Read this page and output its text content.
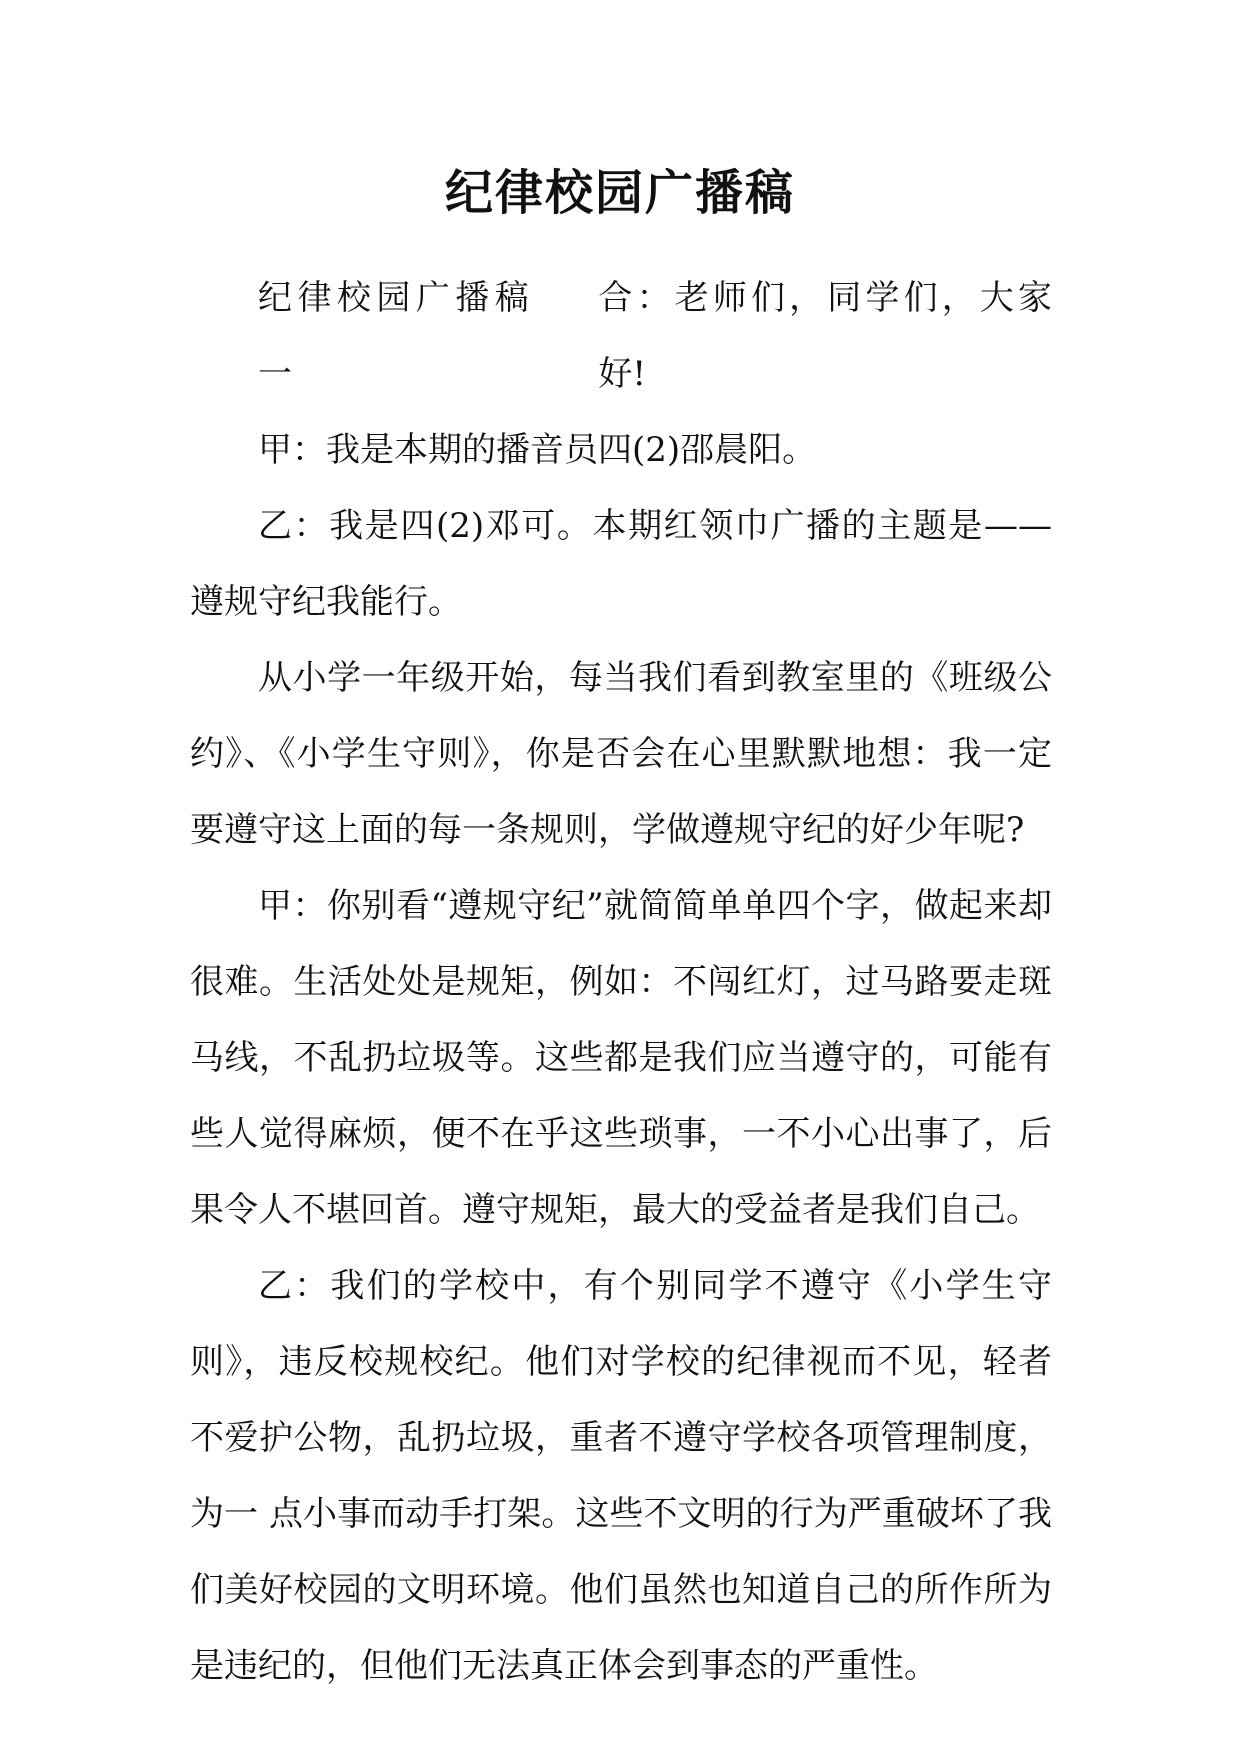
纪律校园广播稿

纪律校园广播稿一
合：老师们，同学们，大家好!

甲：我是本期的播音员四(2)邵晨阳。

乙：我是四(2)邓可。本期红领巾广播的主题是——遵规守纪我能行。

从小学一年级开始，每当我们看到教室里的《班级公约》、《小学生守则》，你是否会在心里默默地想：我一定要遵守这上面的每一条规则，学做遵规守纪的好少年呢?

甲：你别看“遵规守纪”就简简单单四个字，做起来却很难。生活处处是规矩，例如：不闯红灯，过马路要走斑马线，不乱扔垃圾等。这些都是我们应当遵守的，可能有些人觉得麻烦，便不在乎这些琐事，一不小心出事了，后果令人不堪回首。遵守规矩，最大的受益者是我们自己。

乙：我们的学校中，有个别同学不遵守《小学生守则》，违反校规校纪。他们对学校的纪律视而不见，轻者不爱护公物，乱扔垃圾，重者不遵守学校各项管理制度，为一 点小事而动手打架。这些不文明的行为严重破坏了我们美好校园的文明环境。他们虽然也知道自己的所作所为是违纪的，但他们无法真正体会到事态的严重性。
